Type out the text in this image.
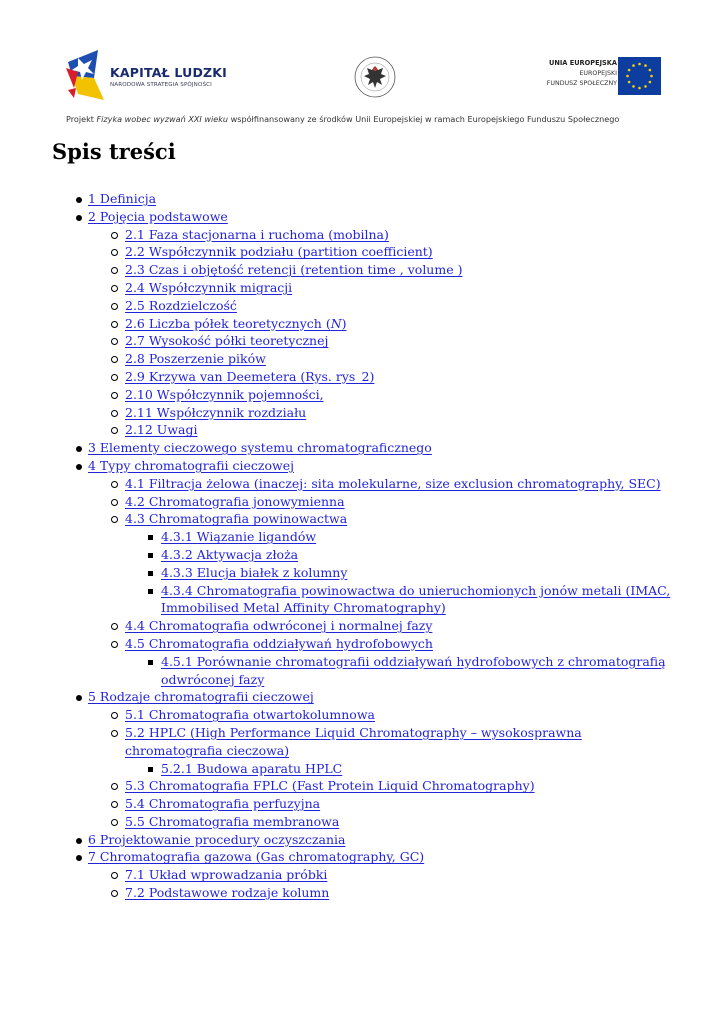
KAPITAŁ LUDZKI
NARODOWA STRATEGIA SPÓJNOŚCI
UNIA EUROPEJSKA
EUROPEJSKI
FUNDUSZ SPOŁECZNY
Projekt Fizyka wobec wyzwań XXI wieku współfinansowany ze środków Unii Europejskiej w ramach Europejskiego Funduszu Społecznego
Spis treści
1 Definicja
2 Pojęcia podstawowe
2.1 Faza stacjonarna i ruchoma (mobilna)
2.2 Współczynnik podziału (partition coefficient)
2.3 Czas i objętość retencji (retention time , volume )
2.4 Współczynnik migracji
2.5 Rozdzielczość
2.6 Liczba półek teoretycznych (N)
2.7 Wysokość półki teoretycznej
2.8 Poszerzenie pików
2.9 Krzywa van Deemetera (Rys. rys_2)
2.10 Współczynnik pojemności,
2.11 Współczynnik rozdziału
2.12 Uwagi
3 Elementy cieczowego systemu chromatograficznego
4 Typy chromatografii cieczowej
4.1 Filtracja żelowa (inaczej: sita molekularne, size exclusion chromatography, SEC)
4.2 Chromatografia jonowymienna
4.3 Chromatografia powinowactwa
4.3.1 Wiązanie ligandów
4.3.2 Aktywacja złoża
4.3.3 Elucja białek z kolumny
4.3.4 Chromatografia powinowactwa do unieruchomionych jonów metali (IMAC, Immobilised Metal Affinity Chromatography)
4.4 Chromatografia odwróconej i normalnej fazy
4.5 Chromatografia oddziaływań hydrofobowych
4.5.1 Porównanie chromatografii oddziaływań hydrofobowych z chromatografią odwróconej fazy
5 Rodzaje chromatografii cieczowej
5.1 Chromatografia otwartokolumnowa
5.2 HPLC (High Performance Liquid Chromatography – wysokosprawna chromatografia cieczowa)
5.2.1 Budowa aparatu HPLC
5.3 Chromatografia FPLC (Fast Protein Liquid Chromatography)
5.4 Chromatografia perfuzyjna
5.5 Chromatografia membranowa
6 Projektowanie procedury oczyszczania
7 Chromatografia gazowa (Gas chromatography, GC)
7.1 Układ wprowadzania próbki
7.2 Podstawowe rodzaje kolumn
